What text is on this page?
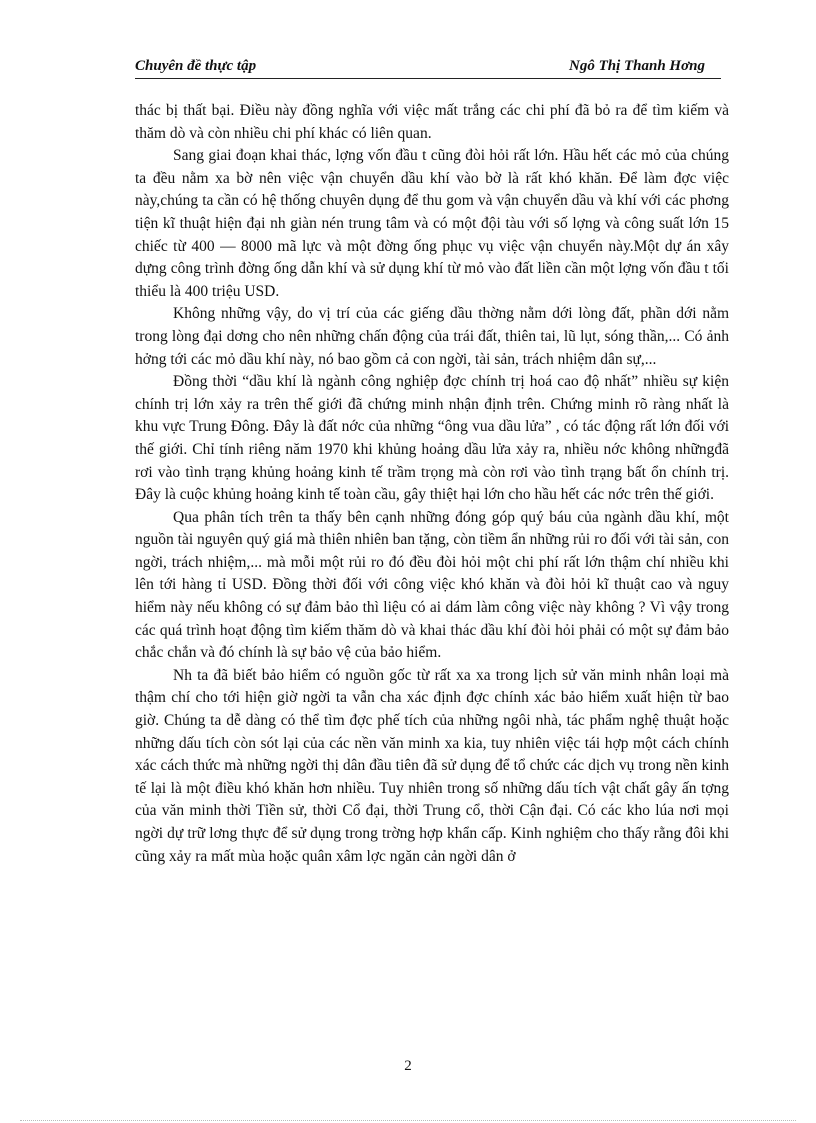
Chuyên đề thực tập	Ngô Thị Thanh Hơng

thác bị thất bại. Điều này đồng nghĩa với việc mất trắng các chi phí đã bỏ ra để tìm kiếm và thăm dò và còn nhiều chi phí khác có liên quan.

Sang giai đoạn khai thác, lợng vốn đầu t cũng đòi hỏi rất lớn. Hầu hết các mỏ của chúng ta đều nằm xa bờ nên việc vận chuyển dầu khí vào bờ là rất khó khăn. Để làm đợc việc này,chúng ta cần có hệ thống chuyên dụng để thu gom và vận chuyển dầu và khí với các phơng tiện kĩ thuật hiện đại nh giàn nén trung tâm và có một đội tàu với số lợng và công suất lớn 15 chiếc từ 400 — 8000 mã lực và một đờng ống phục vụ việc vận chuyển này.Một dự án xây dựng công trình đờng ống dẫn khí và sử dụng khí từ mỏ vào đất liền cần một lợng vốn đầu t tối thiểu là 400 triệu USD.

Không những vậy, do vị trí của các giếng dầu thờng nằm dới lòng đất, phần dới nằm trong lòng đại dơng cho nên những chấn động của trái đất, thiên tai, lũ lụt, sóng thần,... Có ảnh hởng tới các mỏ dầu khí này, nó bao gồm cả con ngời, tài sản, trách nhiệm dân sự,...

Đồng thời “dầu khí là ngành công nghiệp đợc chính trị hoá cao độ nhất” nhiều sự kiện chính trị lớn xảy ra trên thế giới đã chứng minh nhận định trên. Chứng minh rõ ràng nhất là khu vực Trung Đông. Đây là đất nớc của những “ông vua dầu lửa” , có tác động rất lớn đối với thế giới. Chỉ tính riêng năm 1970 khi khủng hoảng dầu lửa xảy ra, nhiều nớc không nhữngđã rơi vào tình trạng khủng hoảng kinh tế trầm trọng mà còn rơi vào tình trạng bất ổn chính trị. Đây là cuộc khủng hoảng kinh tế toàn cầu, gây thiệt hại lớn cho hầu hết các nớc trên thế giới.

Qua phân tích trên ta thấy bên cạnh những đóng góp quý báu của ngành dầu khí, một nguồn tài nguyên quý giá mà thiên nhiên ban tặng, còn tiềm ẩn những rủi ro đối với tài sản, con ngời, trách nhiệm,... mà mỗi một rủi ro đó đều đòi hỏi một chi phí rất lớn thậm chí nhiều khi lên tới hàng tỉ USD. Đồng thời đối với công việc khó khăn và đòi hỏi kĩ thuật cao và nguy hiểm này nếu không có sự đảm bảo thì liệu có ai dám làm công việc này không ? Vì vậy trong các quá trình hoạt động tìm kiếm thăm dò và khai thác dầu khí đòi hỏi phải có một sự đảm bảo chắc chắn và đó chính là sự bảo vệ của bảo hiểm.

Nh ta đã biết bảo hiểm có nguồn gốc từ rất xa xa trong lịch sử văn minh nhân loại mà thậm chí cho tới hiện giờ ngời ta vẫn cha xác định đợc chính xác bảo hiểm xuất hiện từ bao giờ. Chúng ta dễ dàng có thể tìm đợc phế tích của những ngôi nhà, tác phẩm nghệ thuật hoặc những dấu tích còn sót lại của các nền văn minh xa kia, tuy nhiên việc tái hợp một cách chính xác cách thức mà những ngời thị dân đầu tiên đã sử dụng để tổ chức các dịch vụ trong nền kinh tế lại là một điều khó khăn hơn nhiều. Tuy nhiên trong số những dấu tích vật chất gây ấn tợng của văn minh thời Tiền sử, thời Cổ đại, thời Trung cổ, thời Cận đại. Có các kho lúa nơi mọi ngời dự trữ lơng thực để sử dụng trong trờng hợp khẩn cấp. Kinh nghiệm cho thấy rằng đôi khi cũng xảy ra mất mùa hoặc quân xâm lợc ngăn cản ngời dân ở

2
